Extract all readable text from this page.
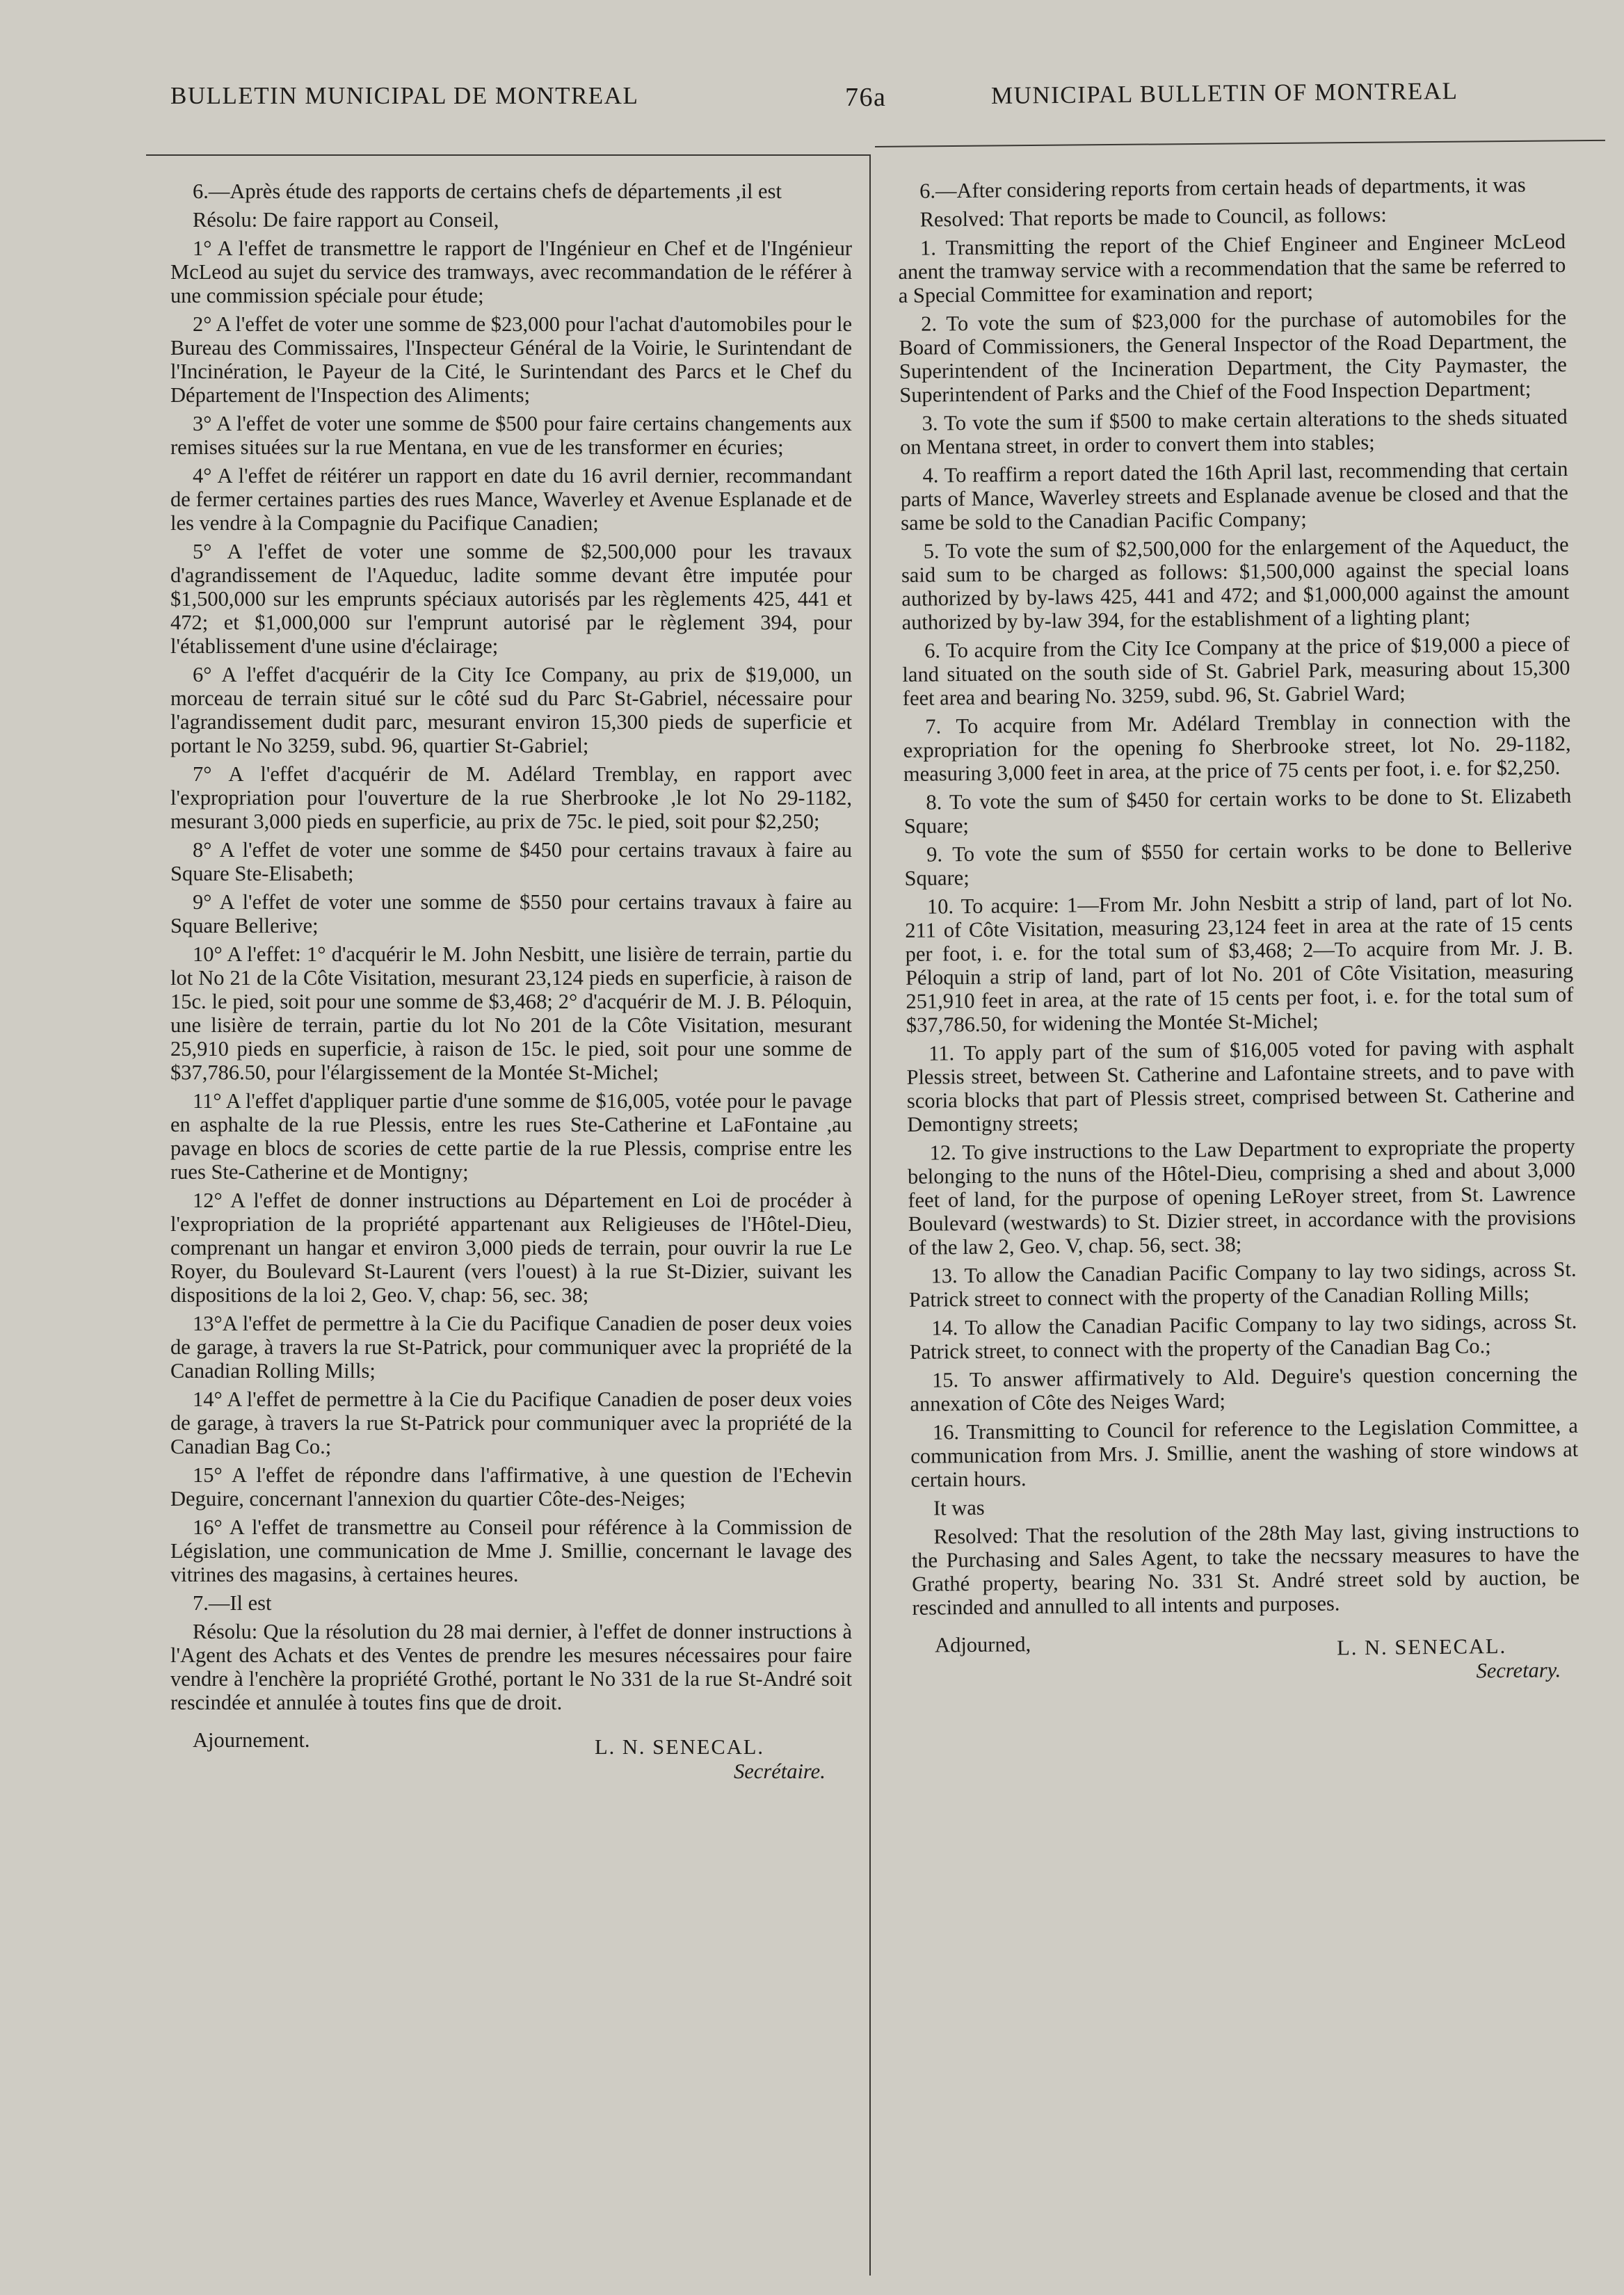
BULLETIN MUNICIPAL DE MONTREAL	76a	MUNICIPAL BULLETIN OF MONTREAL

6.—Après étude des rapports de certains chefs de départements ,il est

Résolu: De faire rapport au Conseil,

1° A l'effet de transmettre le rapport de l'Ingénieur en Chef et de l'Ingénieur McLeod au sujet du service des tramways, avec recommandation de le référer à une commission spéciale pour étude;

2° A l'effet de voter une somme de $23,000 pour l'achat d'automobiles pour le Bureau des Commissaires, l'Inspecteur Général de la Voirie, le Surintendant de l'Incinération, le Payeur de la Cité, le Surintendant des Parcs et le Chef du Département de l'Inspection des Aliments;

3° A l'effet de voter une somme de $500 pour faire certains changements aux remises situées sur la rue Mentana, en vue de les transformer en écuries;

4° A l'effet de réitérer un rapport en date du 16 avril dernier, recommandant de fermer certaines parties des rues Mance, Waverley et Avenue Esplanade et de les vendre à la Compagnie du Pacifique Canadien;

5° A l'effet de voter une somme de $2,500,000 pour les travaux d'agrandissement de l'Aqueduc, ladite somme devant être imputée pour $1,500,000 sur les emprunts spéciaux autorisés par les règlements 425, 441 et 472; et $1,000,000 sur l'emprunt autorisé par le règlement 394, pour l'établissement d'une usine d'éclairage;

6° A l'effet d'acquérir de la City Ice Company, au prix de $19,000, un morceau de terrain situé sur le côté sud du Parc St-Gabriel, nécessaire pour l'agrandissement dudit parc, mesurant environ 15,300 pieds de superficie et portant le No 3259, subd. 96, quartier St-Gabriel;

7° A l'effet d'acquérir de M. Adélard Tremblay, en rapport avec l'expropriation pour l'ouverture de la rue Sherbrooke ,le lot No 29-1182, mesurant 3,000 pieds en superficie, au prix de 75c. le pied, soit pour $2,250;

8° A l'effet de voter une somme de $450 pour certains travaux à faire au Square Ste-Elisabeth;

9° A l'effet de voter une somme de $550 pour certains travaux à faire au Square Bellerive;

10° A l'effet: 1° d'acquérir le M. John Nesbitt, une lisière de terrain, partie du lot No 21 de la Côte Visitation, mesurant 23,124 pieds en superficie, à raison de 15c. le pied, soit pour une somme de $3,468; 2° d'acquérir de M. J. B. Péloquin, une lisière de terrain, partie du lot No 201 de la Côte Visitation, mesurant 25,910 pieds en superficie, à raison de 15c. le pied, soit pour une somme de $37,786.50, pour l'élargissement de la Montée St-Michel;

11° A l'effet d'appliquer partie d'une somme de $16,005, votée pour le pavage en asphalte de la rue Plessis, entre les rues Ste-Catherine et LaFontaine ,au pavage en blocs de scories de cette partie de la rue Plessis, comprise entre les rues Ste-Catherine et de Montigny;

12° A l'effet de donner instructions au Département en Loi de procéder à l'expropriation de la propriété appartenant aux Religieuses de l'Hôtel-Dieu, comprenant un hangar et environ 3,000 pieds de terrain, pour ouvrir la rue Le Royer, du Boulevard St-Laurent (vers l'ouest) à la rue St-Dizier, suivant les dispositions de la loi 2, Geo. V, chap: 56, sec. 38;

13°A l'effet de permettre à la Cie du Pacifique Canadien de poser deux voies de garage, à travers la rue St-Patrick, pour communiquer avec la propriété de la Canadian Rolling Mills;

14° A l'effet de permettre à la Cie du Pacifique Canadien de poser deux voies de garage, à travers la rue St-Patrick pour communiquer avec la propriété de la Canadian Bag Co.;

15° A l'effet de répondre dans l'affirmative, à une question de l'Echevin Deguire, concernant l'annexion du quartier Côte-des-Neiges;

16° A l'effet de transmettre au Conseil pour référence à la Commission de Législation, une communication de Mme J. Smillie, concernant le lavage des vitrines des magasins, à certaines heures.

7.—Il est

Résolu: Que la résolution du 28 mai dernier, à l'effet de donner instructions à l'Agent des Achats et des Ventes de prendre les mesures nécessaires pour faire vendre à l'enchère la propriété Grothé, portant le No 331 de la rue St-André soit rescindée et annulée à toutes fins que de droit.

Ajournement.	L. N. SENECAL.
Secrétaire.

6.—After considering reports from certain heads of departments, it was

Resolved: That reports be made to Council, as follows:

1. Transmitting the report of the Chief Engineer and Engineer McLeod anent the tramway service with a recommendation that the same be referred to a Special Committee for examination and report;

2. To vote the sum of $23,000 for the purchase of automobiles for the Board of Commissioners, the General Inspector of the Road Department, the Superintendent of the Incineration Department, the City Paymaster, the Superintendent of Parks and the Chief of the Food Inspection Department;

3. To vote the sum if $500 to make certain alterations to the sheds situated on Mentana street, in order to convert them into stables;

4. To reaffirm a report dated the 16th April last, recommending that certain parts of Mance, Waverley streets and Esplanade avenue be closed and that the same be sold to the Canadian Pacific Company;

5. To vote the sum of $2,500,000 for the enlargement of the Aqueduct, the said sum to be charged as follows: $1,500,000 against the special loans authorized by by-laws 425, 441 and 472; and $1,000,000 against the amount authorized by by-law 394, for the establishment of a lighting plant;

6. To acquire from the City Ice Company at the price of $19,000 a piece of land situated on the south side of St. Gabriel Park, measuring about 15,300 feet area and bearing No. 3259, subd. 96, St. Gabriel Ward;

7. To acquire from Mr. Adélard Tremblay in connection with the expropriation for the opening fo Sherbrooke street, lot No. 29-1182, measuring 3,000 feet in area, at the price of 75 cents per foot, i. e. for $2,250.

8. To vote the sum of $450 for certain works to be done to St. Elizabeth Square;

9. To vote the sum of $550 for certain works to be done to Bellerive Square;

10. To acquire: 1—From Mr. John Nesbitt a strip of land, part of lot No. 211 of Côte Visitation, measuring 23,124 feet in area at the rate of 15 cents per foot, i. e. for the total sum of $3,468; 2—To acquire from Mr. J. B. Péloquin a strip of land, part of lot No. 201 of Côte Visitation, measuring 251,910 feet in area, at the rate of 15 cents per foot, i. e. for the total sum of $37,786.50, for widening the Montée St-Michel;

11. To apply part of the sum of $16,005 voted for paving with asphalt Plessis street, between St. Catherine and Lafontaine streets, and to pave with scoria blocks that part of Plessis street, comprised between St. Catherine and Demontigny streets;

12. To give instructions to the Law Department to expropriate the property belonging to the nuns of the Hôtel-Dieu, comprising a shed and about 3,000 feet of land, for the purpose of opening LeRoyer street, from St. Lawrence Boulevard (westwards) to St. Dizier street, in accordance with the provisions of the law 2, Geo. V, chap. 56, sect. 38;

13. To allow the Canadian Pacific Company to lay two sidings, across St. Patrick street to connect with the property of the Canadian Rolling Mills;

14. To allow the Canadian Pacific Company to lay two sidings, across St. Patrick street, to connect with the property of the Canadian Bag Co.;

15. To answer affirmatively to Ald. Deguire's question concerning the annexation of Côte des Neiges Ward;

16. Transmitting to Council for reference to the Legislation Committee, a communication from Mrs. J. Smillie, anent the washing of store windows at certain hours.

It was

Resolved: That the resolution of the 28th May last, giving instructions to the Purchasing and Sales Agent, to take the necssary measures to have the Grathé property, bearing No. 331 St. André street sold by auction, be rescinded and annulled to all intents and purposes.

Adjourned,	L. N. SENECAL.
Secretary.
